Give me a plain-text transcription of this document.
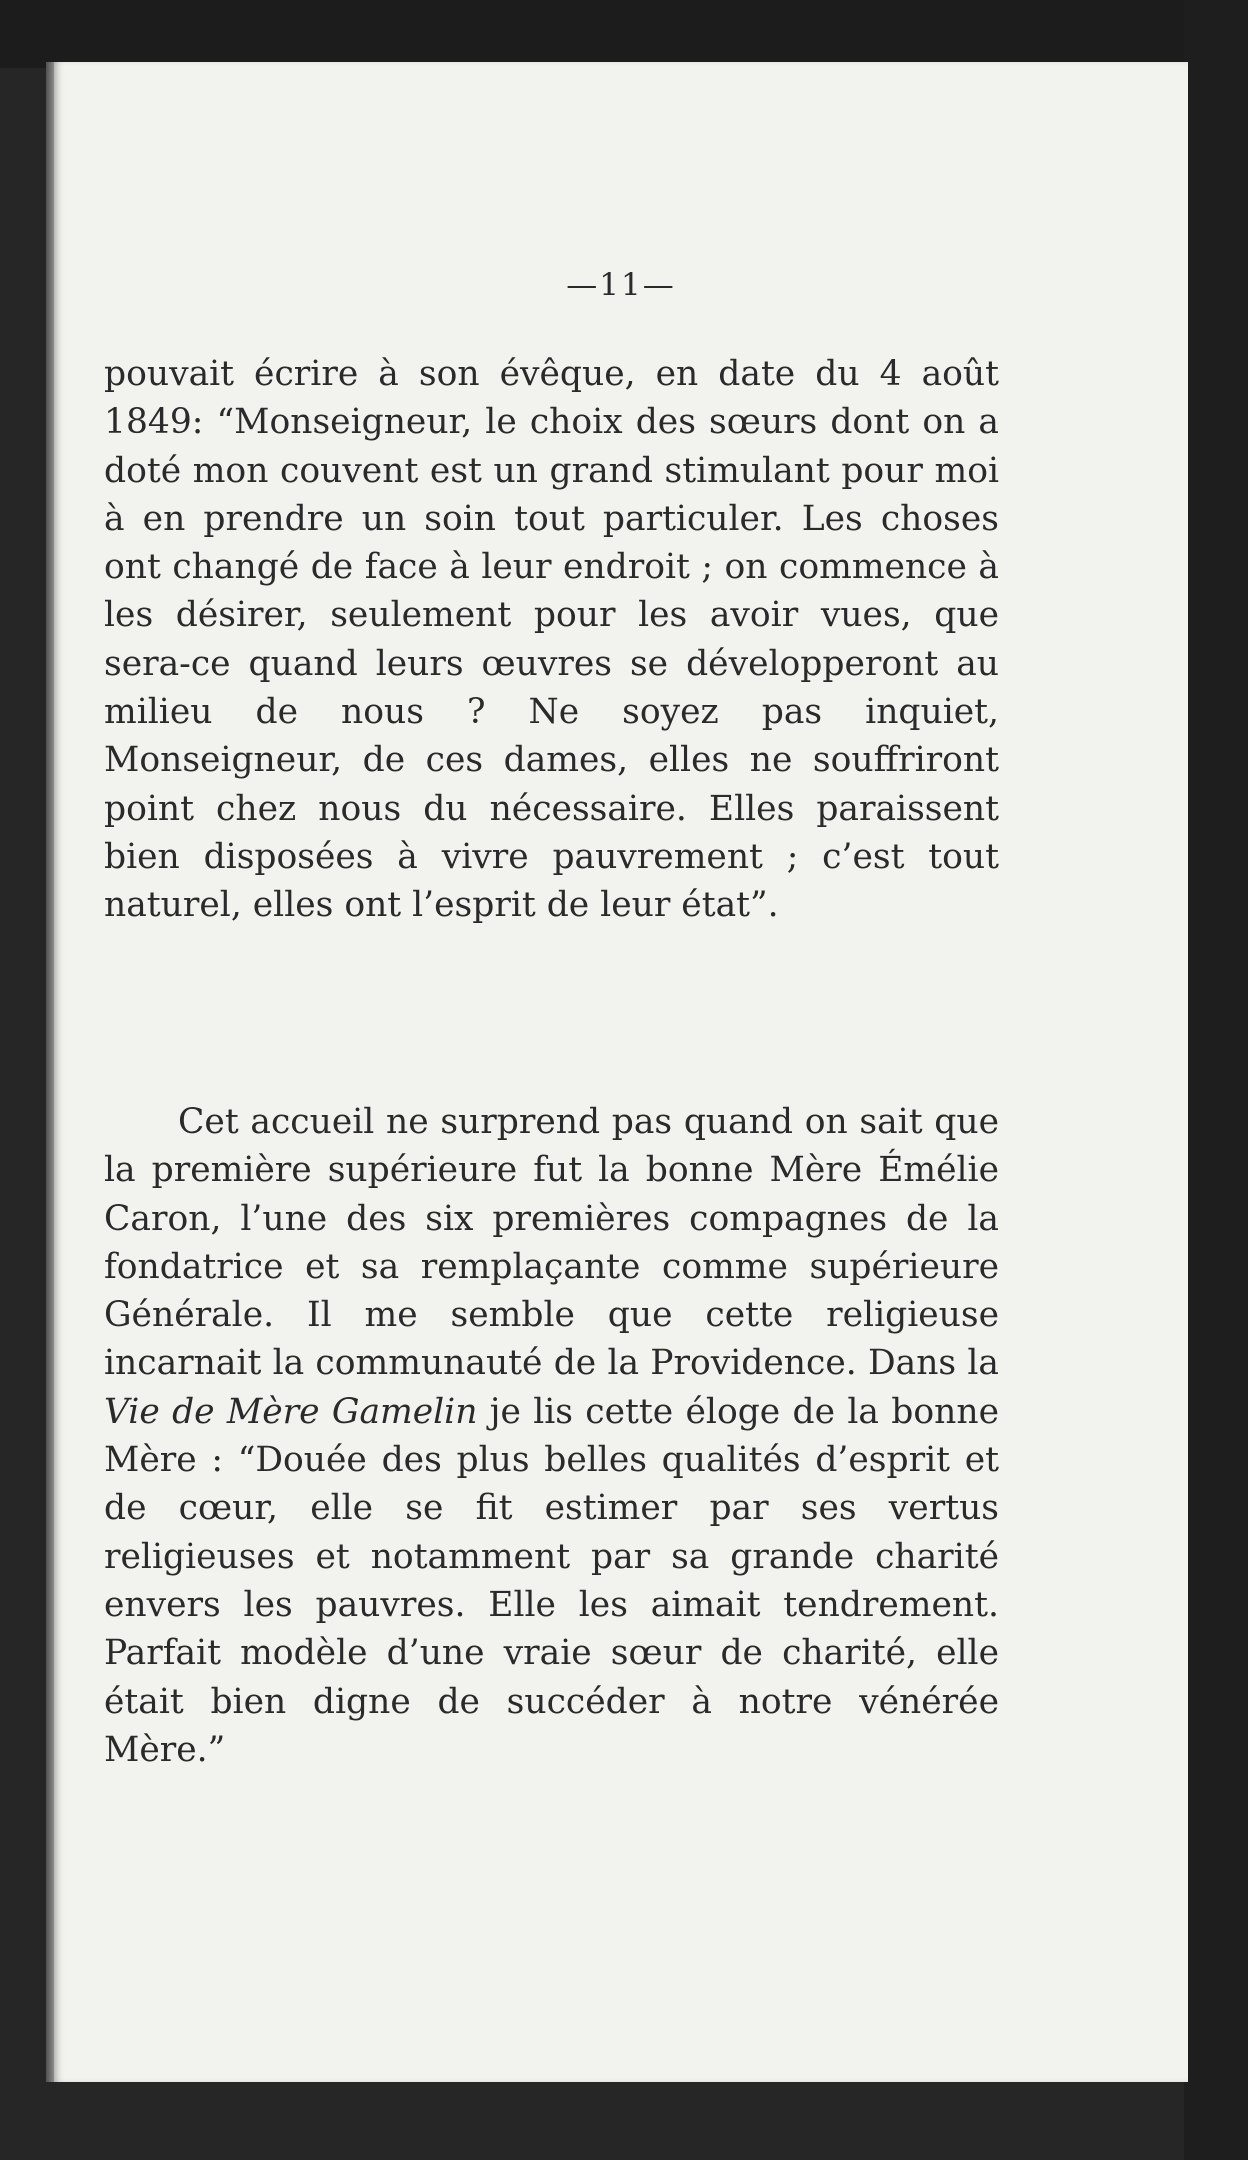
—11—

pouvait écrire à son évêque, en date du 4 août 1849: “Monseigneur, le choix des sœurs dont on a doté mon couvent est un grand stimulant pour moi à en prendre un soin tout particuler. Les choses ont changé de face à leur endroit ; on commence à les désirer, seulement pour les avoir vues, que sera-ce quand leurs œuvres se développeront au milieu de nous ? Ne soyez pas inquiet, Monseigneur, de ces dames, elles ne souffriront point chez nous du nécessaire. Elles paraissent bien disposées à vivre pauvrement ; c’est tout naturel, elles ont l’esprit de leur état”.

Cet accueil ne surprend pas quand on sait que la première supérieure fut la bonne Mère Émélie Caron, l’une des six premières compagnes de la fondatrice et sa remplaçante comme supérieure Générale. Il me semble que cette religieuse incarnait la communauté de la Providence. Dans la Vie de Mère Gamelin je lis cette éloge de la bonne Mère : “Douée des plus belles qualités d’esprit et de cœur, elle se fit estimer par ses vertus religieuses et notamment par sa grande charité envers les pauvres. Elle les aimait tendrement. Parfait modèle d’une vraie sœur de charité, elle était bien digne de succéder à notre vénérée Mère.”
